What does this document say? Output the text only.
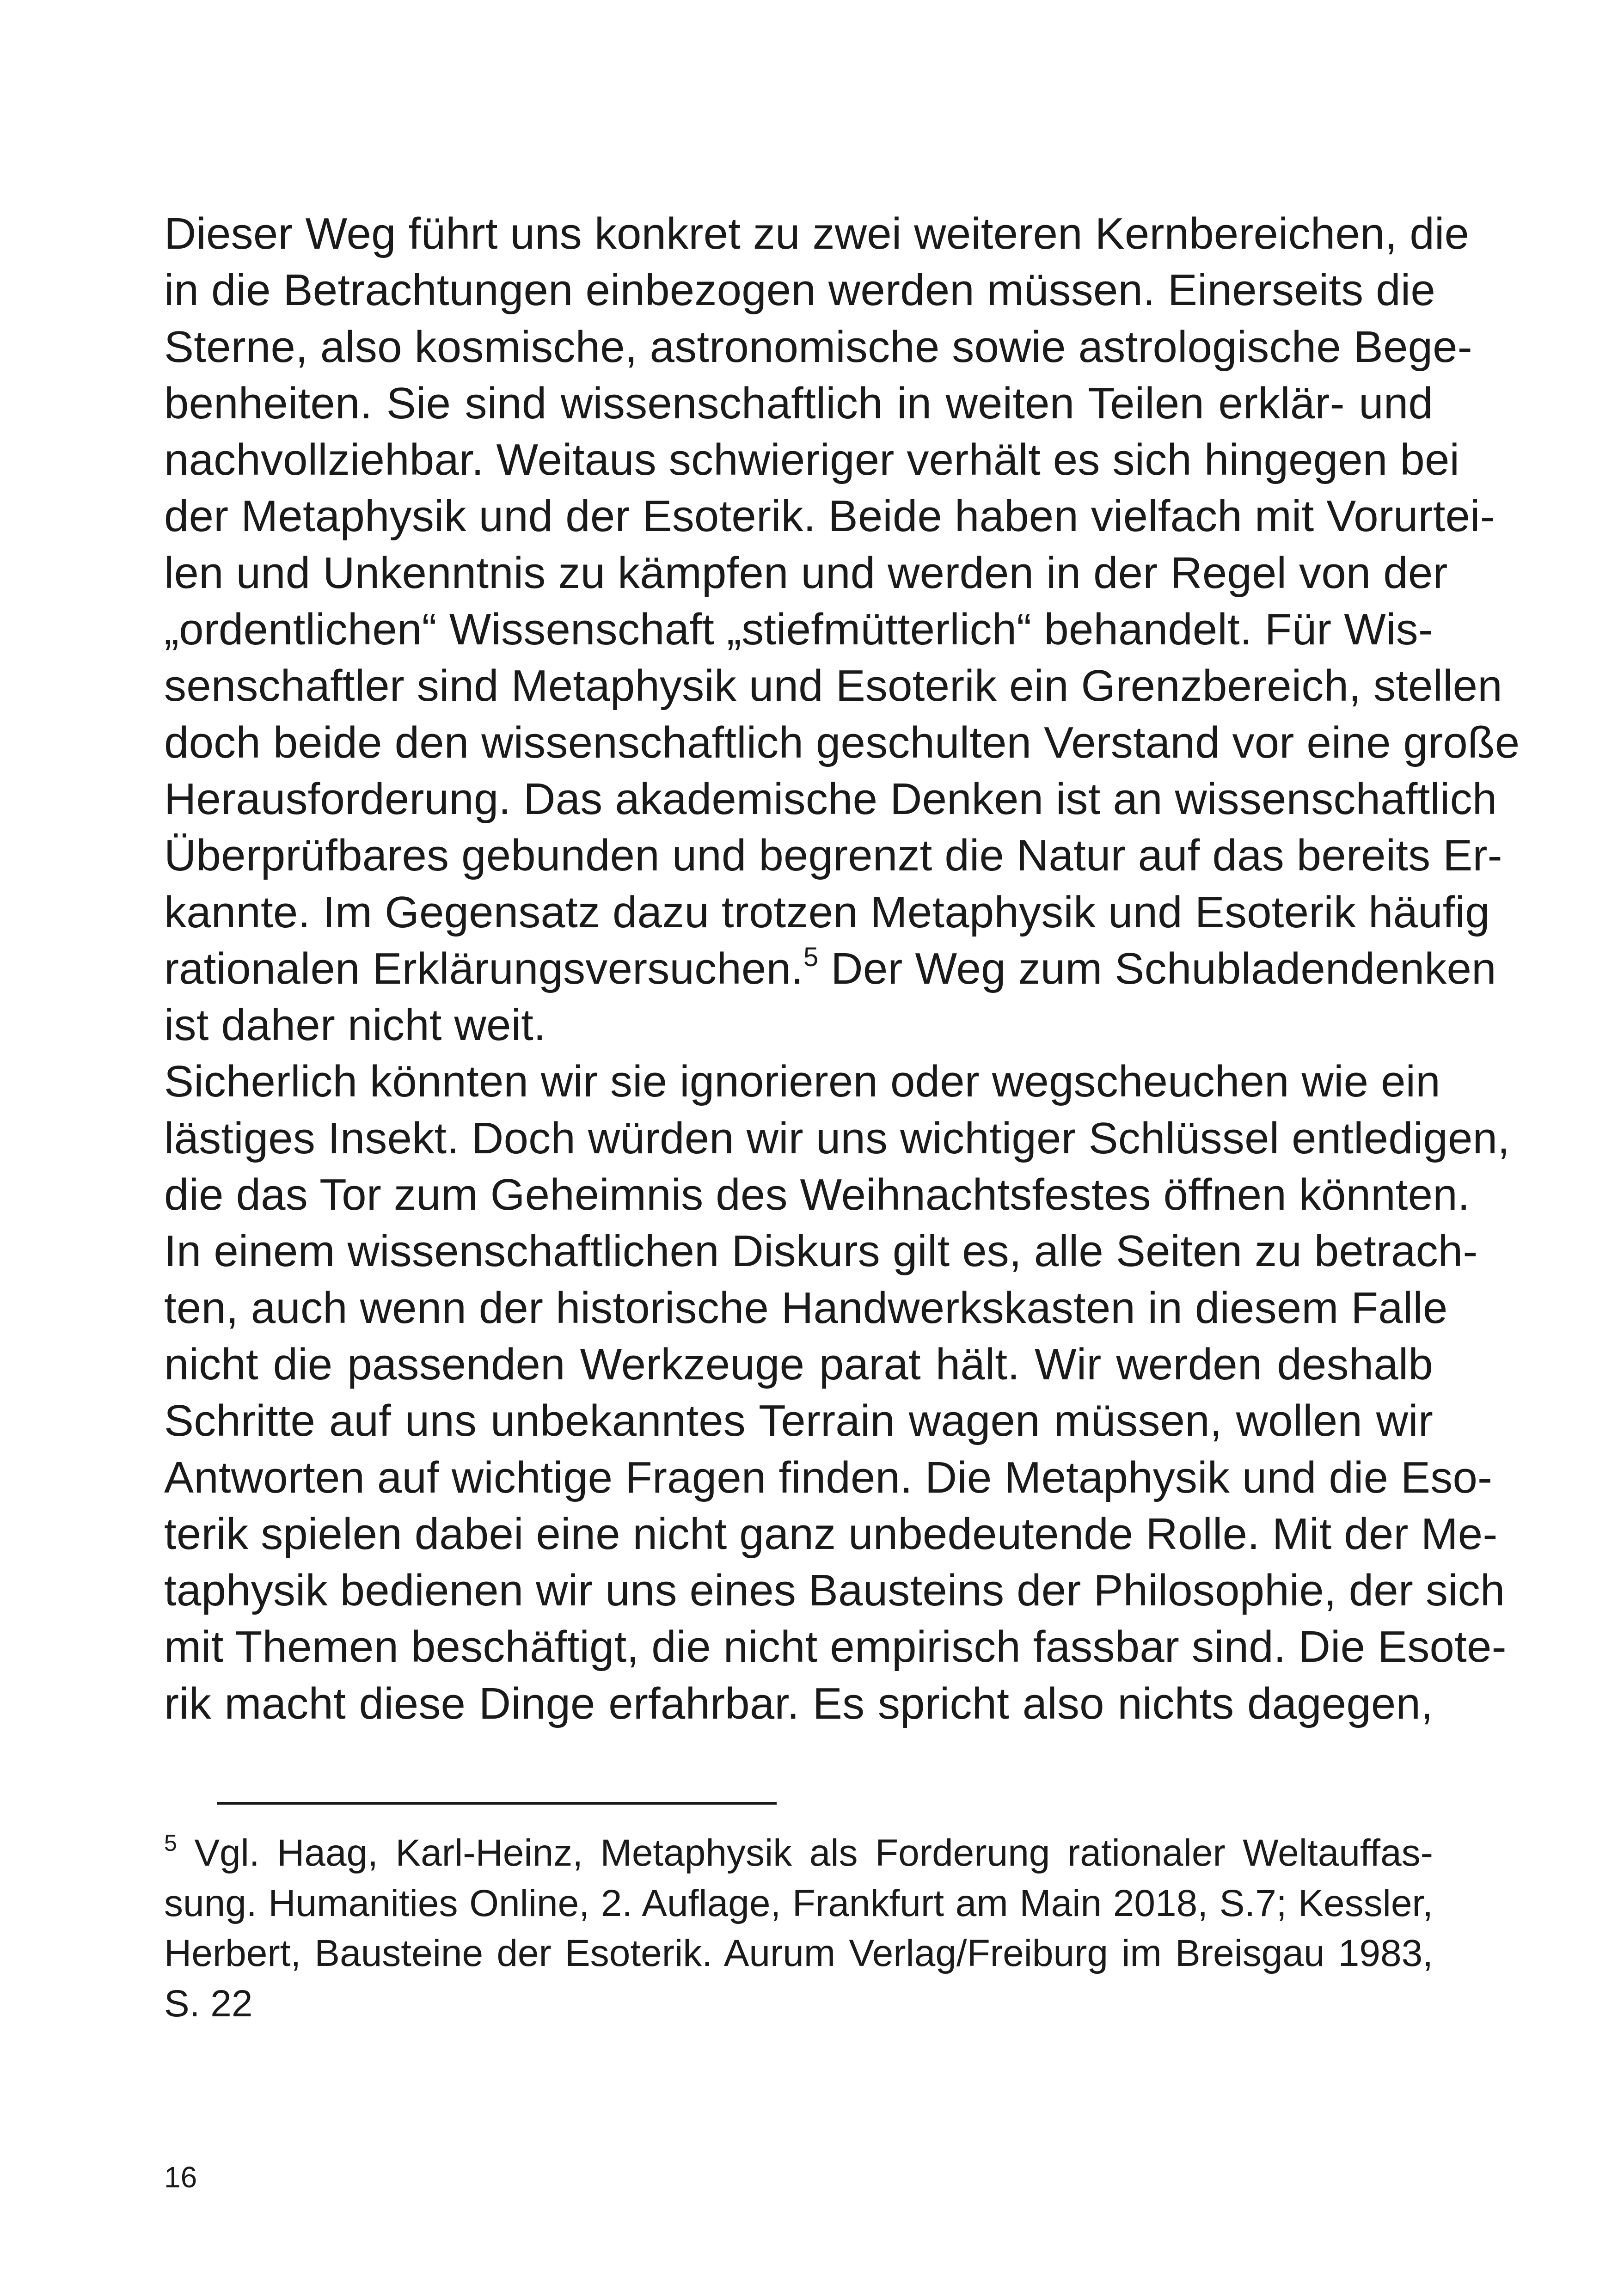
Dieser Weg führt uns konkret zu zwei weiteren Kernbereichen, die
in die Betrachtungen einbezogen werden müssen. Einerseits die
Sterne, also kosmische, astronomische sowie astrologische Bege-
benheiten. Sie sind wissenschaftlich in weiten Teilen erklär- und
nachvollziehbar. Weitaus schwieriger verhält es sich hingegen bei
der Metaphysik und der Esoterik. Beide haben vielfach mit Vorurtei-
len und Unkenntnis zu kämpfen und werden in der Regel von der
„ordentlichen“ Wissenschaft „stiefmütterlich“ behandelt. Für Wis-
senschaftler sind Metaphysik und Esoterik ein Grenzbereich, stellen
doch beide den wissenschaftlich geschulten Verstand vor eine große
Herausforderung. Das akademische Denken ist an wissenschaftlich
Überprüfbares gebunden und begrenzt die Natur auf das bereits Er-
kannte. Im Gegensatz dazu trotzen Metaphysik und Esoterik häufig
rationalen Erklärungsversuchen.$^5$ Der Weg zum Schubladendenken
ist daher nicht weit.
Sicherlich könnten wir sie ignorieren oder wegscheuchen wie ein
lästiges Insekt. Doch würden wir uns wichtiger Schlüssel entledigen,
die das Tor zum Geheimnis des Weihnachtsfestes öffnen könnten.
In einem wissenschaftlichen Diskurs gilt es, alle Seiten zu betrach-
ten, auch wenn der historische Handwerkskasten in diesem Falle
nicht die passenden Werkzeuge parat hält. Wir werden deshalb
Schritte auf uns unbekanntes Terrain wagen müssen, wollen wir
Antworten auf wichtige Fragen finden. Die Metaphysik und die Eso-
terik spielen dabei eine nicht ganz unbedeutende Rolle. Mit der Me-
taphysik bedienen wir uns eines Bausteins der Philosophie, der sich
mit Themen beschäftigt, die nicht empirisch fassbar sind. Die Esote-
rik macht diese Dinge erfahrbar. Es spricht also nichts dagegen,
$^5$ Vgl. Haag, Karl-Heinz, Metaphysik als Forderung rationaler Weltauffas-
sung. Humanities Online, 2. Auflage, Frankfurt am Main 2018, S.7; Kessler,
Herbert, Bausteine der Esoterik. Aurum Verlag/Freiburg im Breisgau 1983,
S. 22
16
